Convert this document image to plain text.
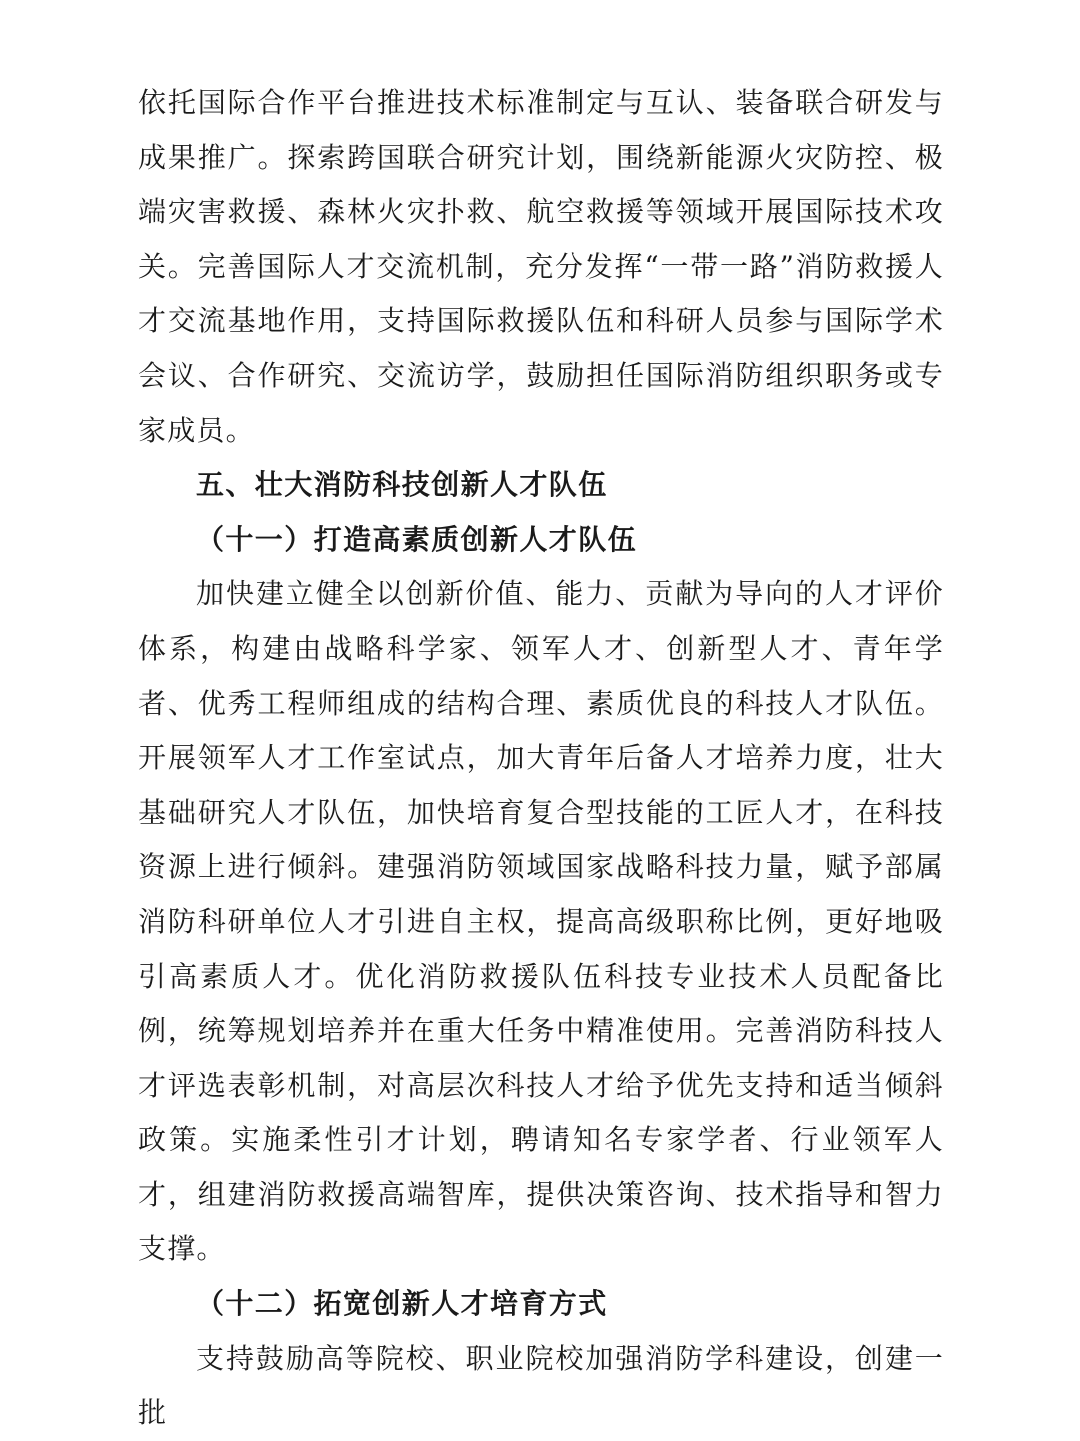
依托国际合作平台推进技术标准制定与互认、装备联合研发与成果推广。探索跨国联合研究计划，围绕新能源火灾防控、极端灾害救援、森林火灾扑救、航空救援等领域开展国际技术攻关。完善国际人才交流机制，充分发挥“一带一路”消防救援人才交流基地作用，支持国际救援队伍和科研人员参与国际学术会议、合作研究、交流访学，鼓励担任国际消防组织职务或专家成员。

五、壮大消防科技创新人才队伍

（十一）打造高素质创新人才队伍

加快建立健全以创新价值、能力、贡献为导向的人才评价体系，构建由战略科学家、领军人才、创新型人才、青年学者、优秀工程师组成的结构合理、素质优良的科技人才队伍。开展领军人才工作室试点，加大青年后备人才培养力度，壮大基础研究人才队伍，加快培育复合型技能的工匠人才，在科技资源上进行倾斜。建强消防领域国家战略科技力量，赋予部属消防科研单位人才引进自主权，提高高级职称比例，更好地吸引高素质人才。优化消防救援队伍科技专业技术人员配备比例，统筹规划培养并在重大任务中精准使用。完善消防科技人才评选表彰机制，对高层次科技人才给予优先支持和适当倾斜政策。实施柔性引才计划，聘请知名专家学者、行业领军人才，组建消防救援高端智库，提供决策咨询、技术指导和智力支撑。

（十二）拓宽创新人才培育方式

支持鼓励高等院校、职业院校加强消防学科建设，创建一批
